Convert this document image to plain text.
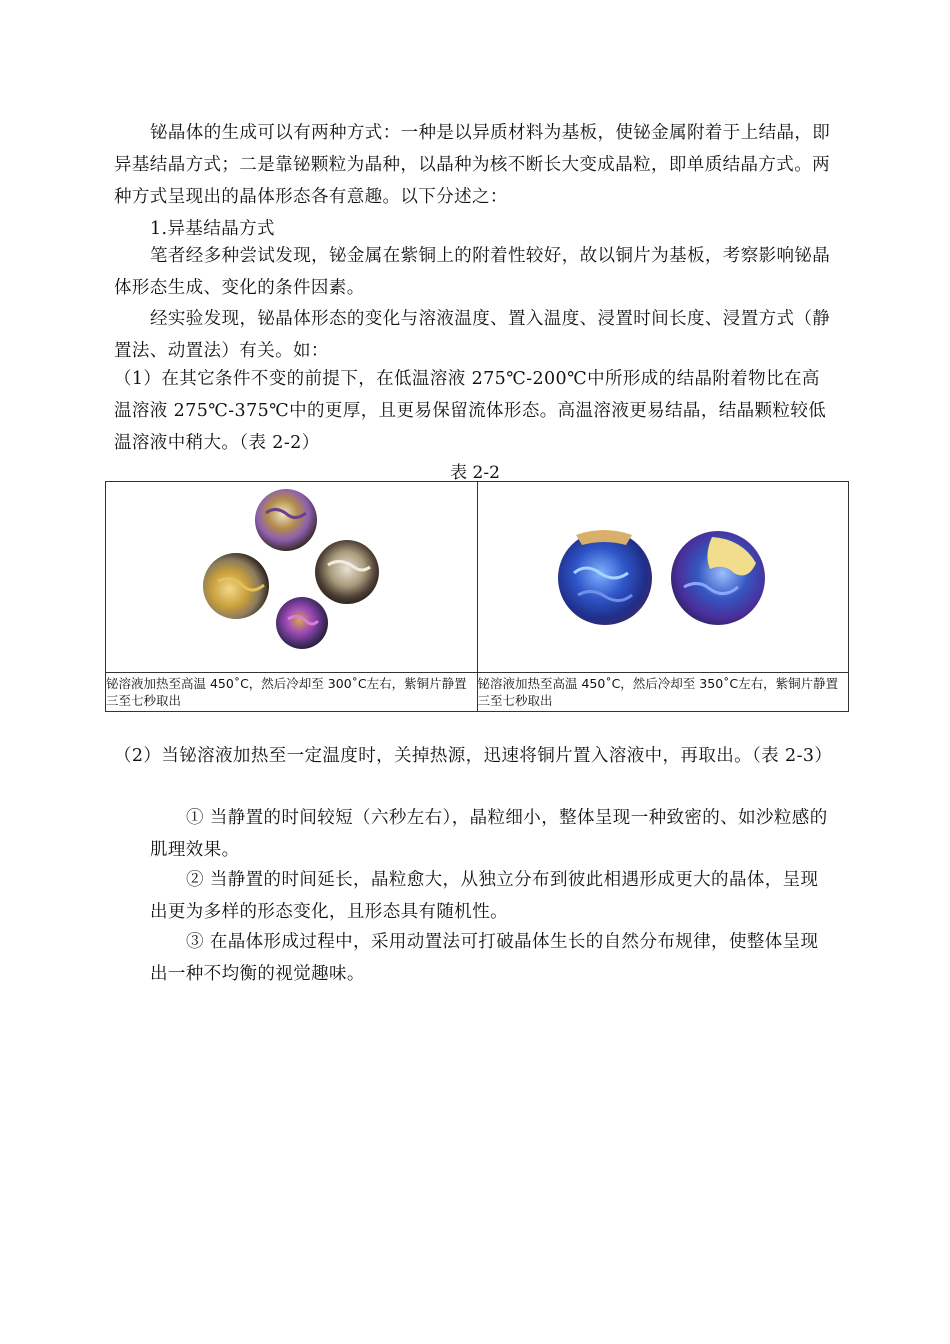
铋晶体的生成可以有两种方式：一种是以异质材料为基板，使铋金属附着于上结晶，即异基结晶方式；二是靠铋颗粒为晶种，以晶种为核不断长大变成晶粒，即单质结晶方式。两种方式呈现出的晶体形态各有意趣。以下分述之：

1.异基结晶方式

笔者经多种尝试发现，铋金属在紫铜上的附着性较好，故以铜片为基板，考察影响铋晶体形态生成、变化的条件因素。

经实验发现，铋晶体形态的变化与溶液温度、置入温度、浸置时间长度、浸置方式（静置法、动置法）有关。如：

（1）在其它条件不变的前提下，在低温溶液 275℃-200℃中所形成的结晶附着物比在高温溶液 275℃-375℃中的更厚，且更易保留流体形态。高温溶液更易结晶，结晶颗粒较低温溶液中稍大。（表 2-2）

表 2-2

铋溶液加热至高温 450˚C，然后冷却至 300˚C左右，紫铜片静置三至七秒取出	铋溶液加热至高温 450˚C，然后冷却至 350˚C左右，紫铜片静置三至七秒取出

（2）当铋溶液加热至一定温度时，关掉热源，迅速将铜片置入溶液中，再取出。（表 2-3）

① 当静置的时间较短（六秒左右），晶粒细小，整体呈现一种致密的、如沙粒感的肌理效果。

② 当静置的时间延长，晶粒愈大，从独立分布到彼此相遇形成更大的晶体，呈现出更为多样的形态变化，且形态具有随机性。

③ 在晶体形成过程中，采用动置法可打破晶体生长的自然分布规律，使整体呈现出一种不均衡的视觉趣味。
